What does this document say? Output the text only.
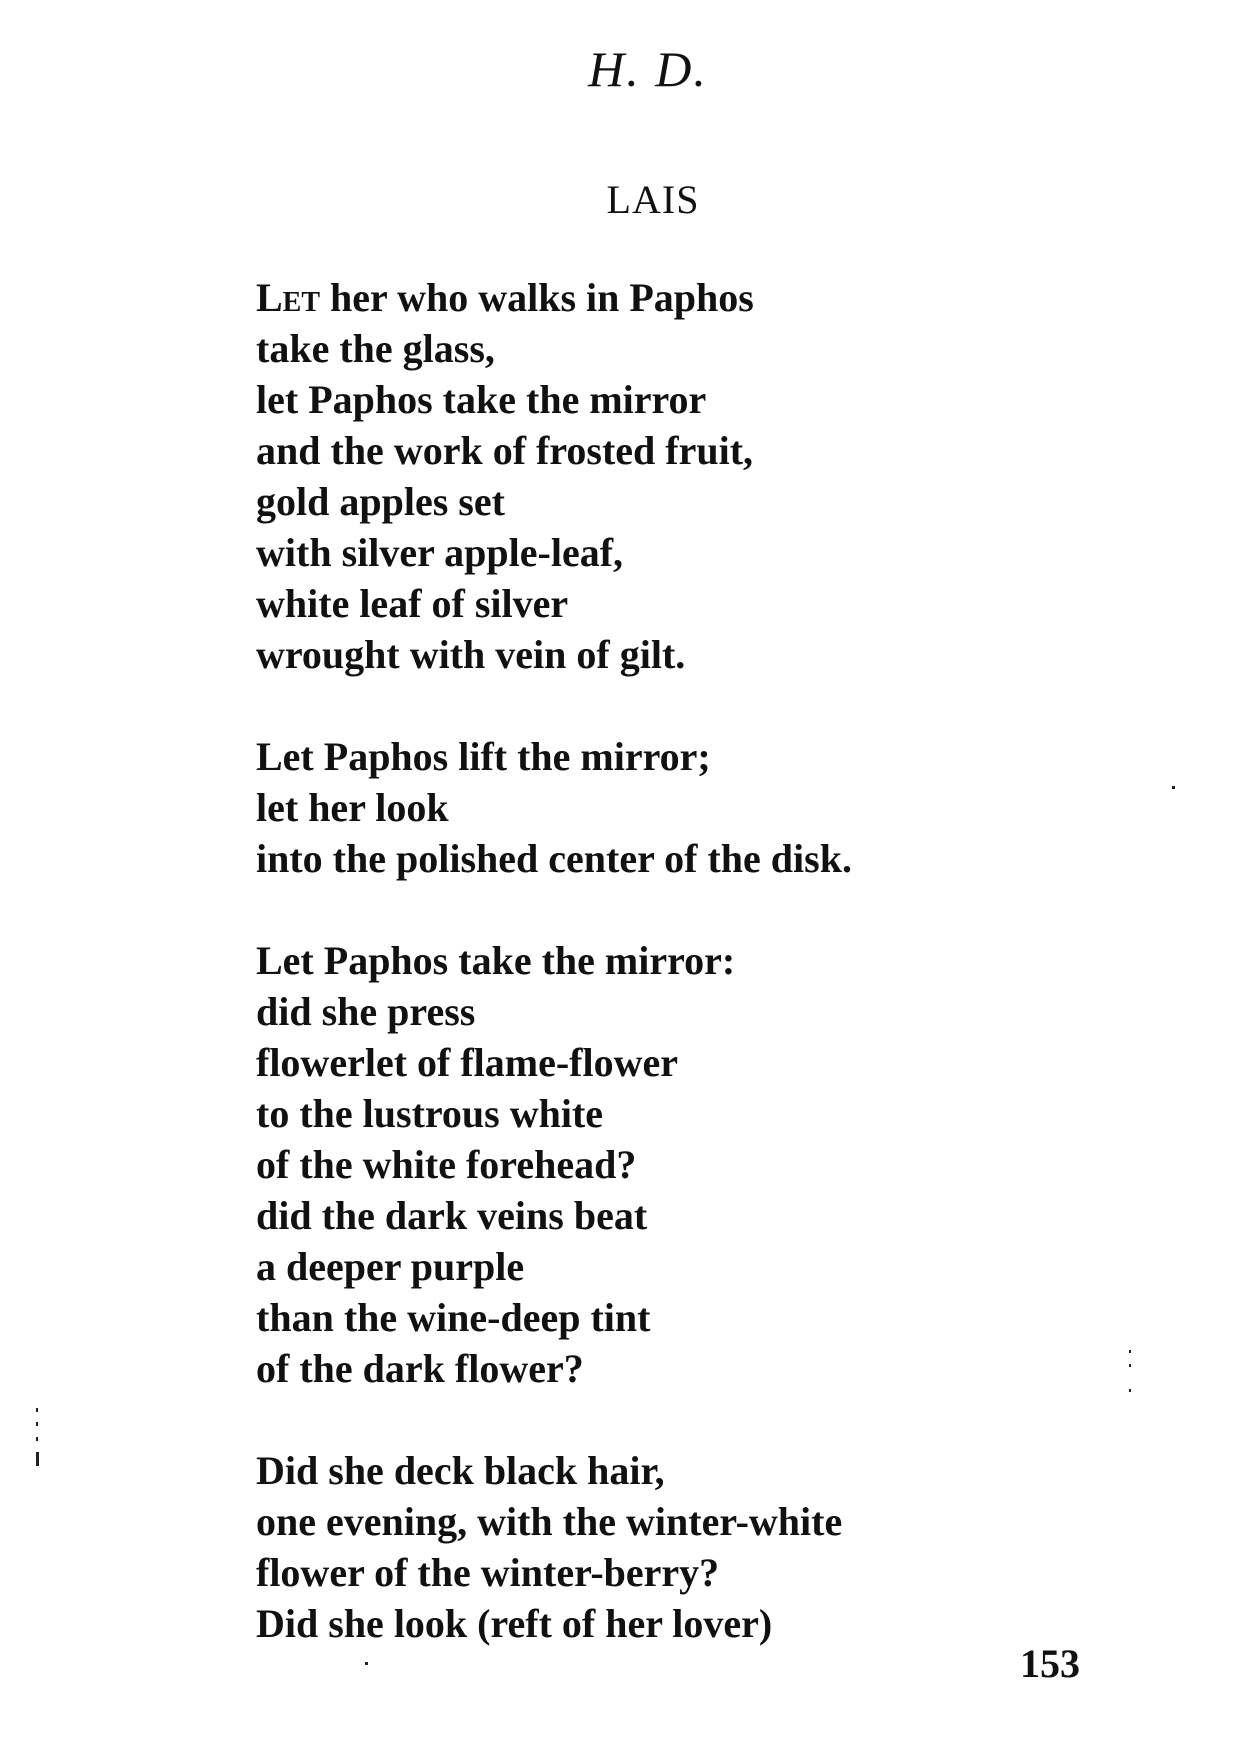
H. D.
LAIS
Let her who walks in Paphos
take the glass,
let Paphos take the mirror
and the work of frosted fruit,
gold apples set
with silver apple-leaf,
white leaf of silver
wrought with vein of gilt.
Let Paphos lift the mirror;
let her look
into the polished center of the disk.
Let Paphos take the mirror:
did she press
flowerlet of flame-flower
to the lustrous white
of the white forehead?
did the dark veins beat
a deeper purple
than the wine-deep tint
of the dark flower?
Did she deck black hair,
one evening, with the winter-white
flower of the winter-berry?
Did she look (reft of her lover)
153
